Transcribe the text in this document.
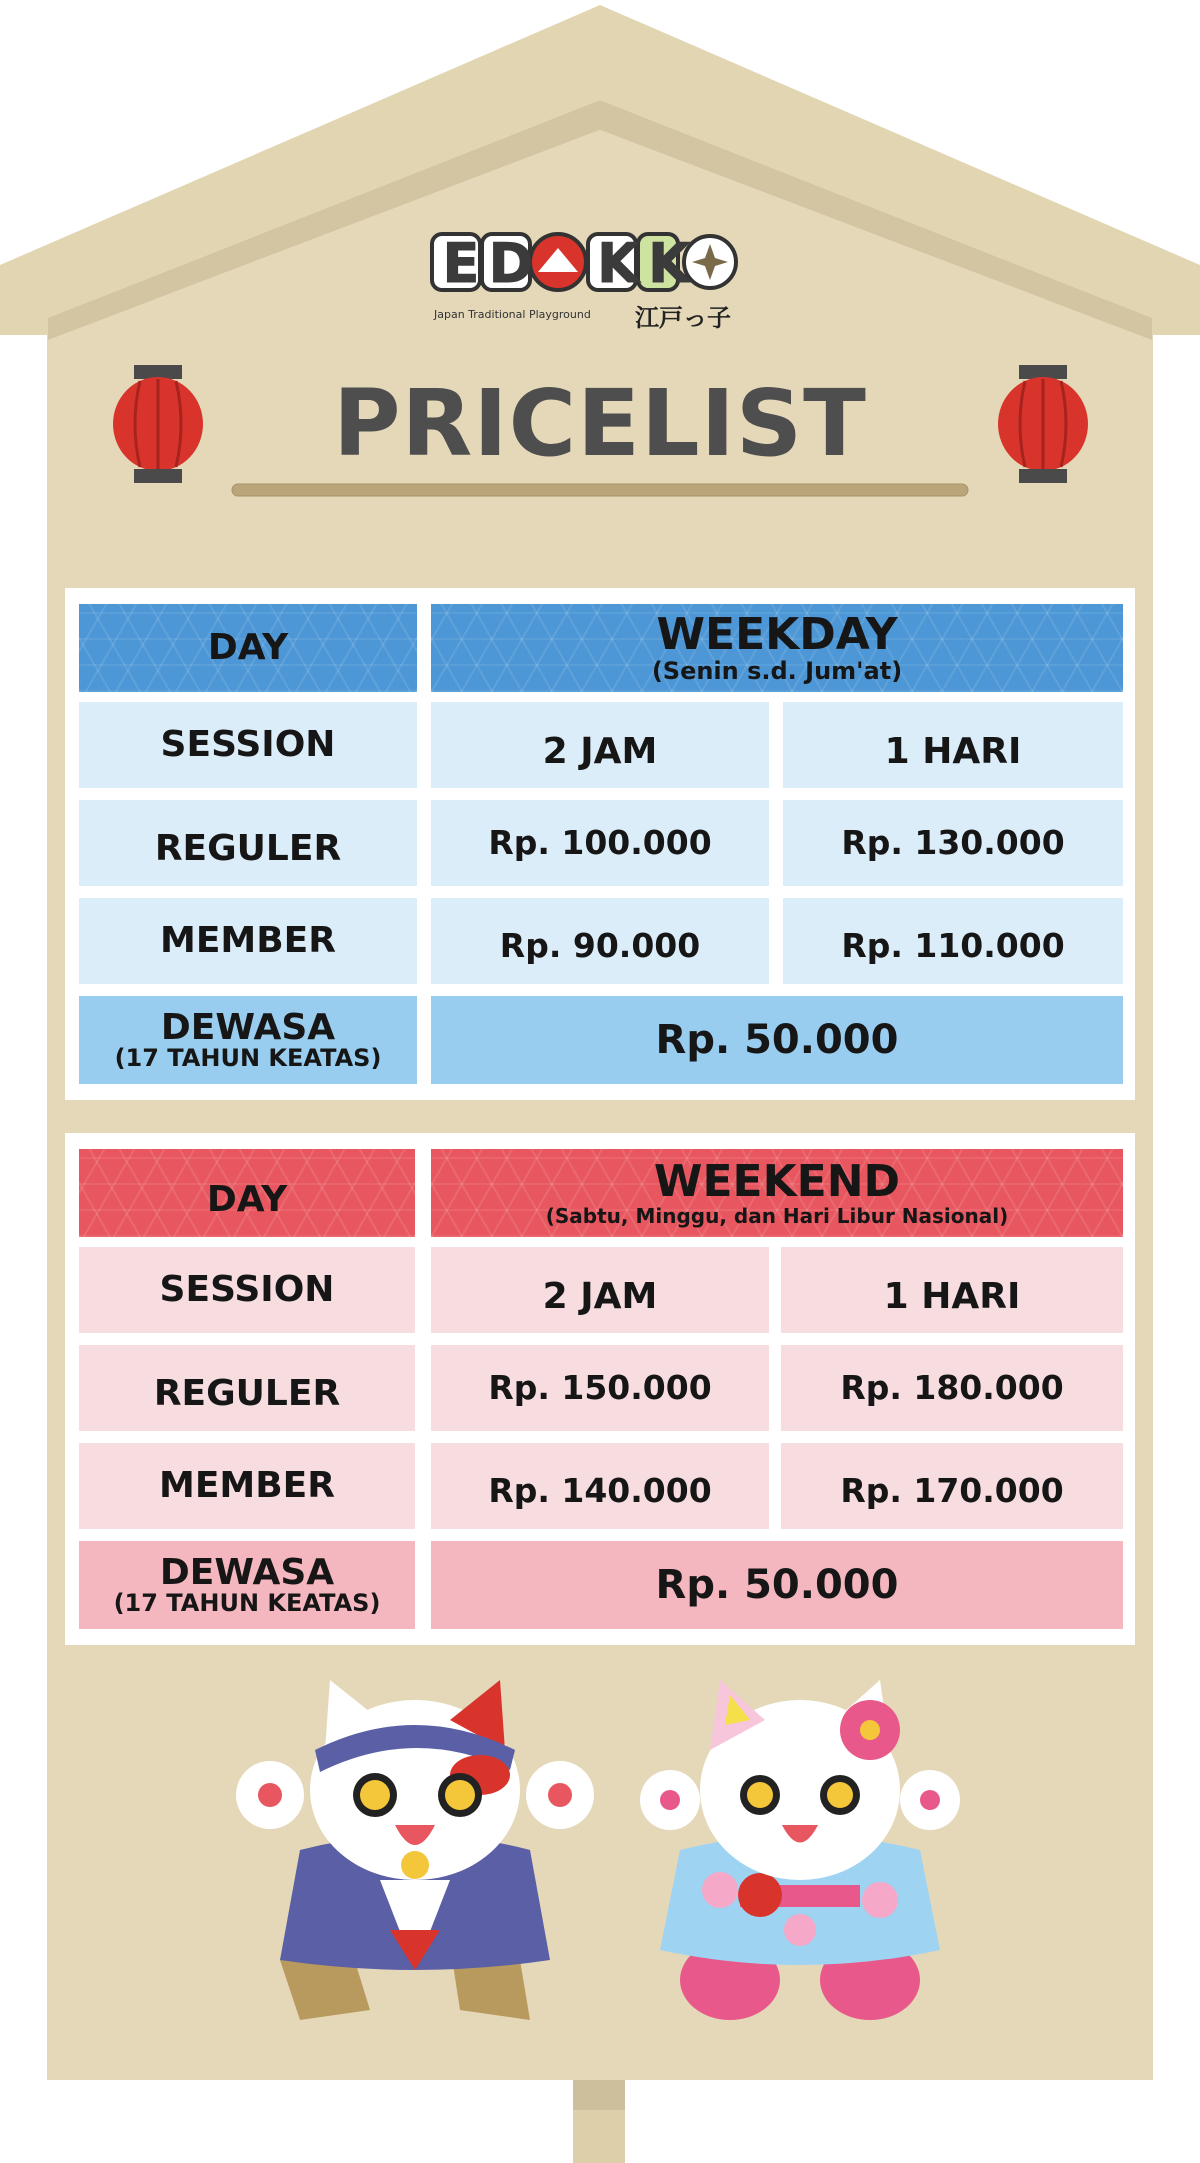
E D K K
Japan Traditional Playground 江戸っ子
PRICELIST
DAY	WEEKDAY
(Senin s.d. Jum'at)
SESSION	2 JAM	1 HARI
REGULER	Rp. 100.000	Rp. 130.000
MEMBER	Rp. 90.000	Rp. 110.000
DEWASA
(17 TAHUN KEATAS)	Rp. 50.000
DAY	WEEKEND
(Sabtu, Minggu, dan Hari Libur Nasional)
SESSION	2 JAM	1 HARI
REGULER	Rp. 150.000	Rp. 180.000
MEMBER	Rp. 140.000	Rp. 170.000
DEWASA
(17 TAHUN KEATAS)	Rp. 50.000
